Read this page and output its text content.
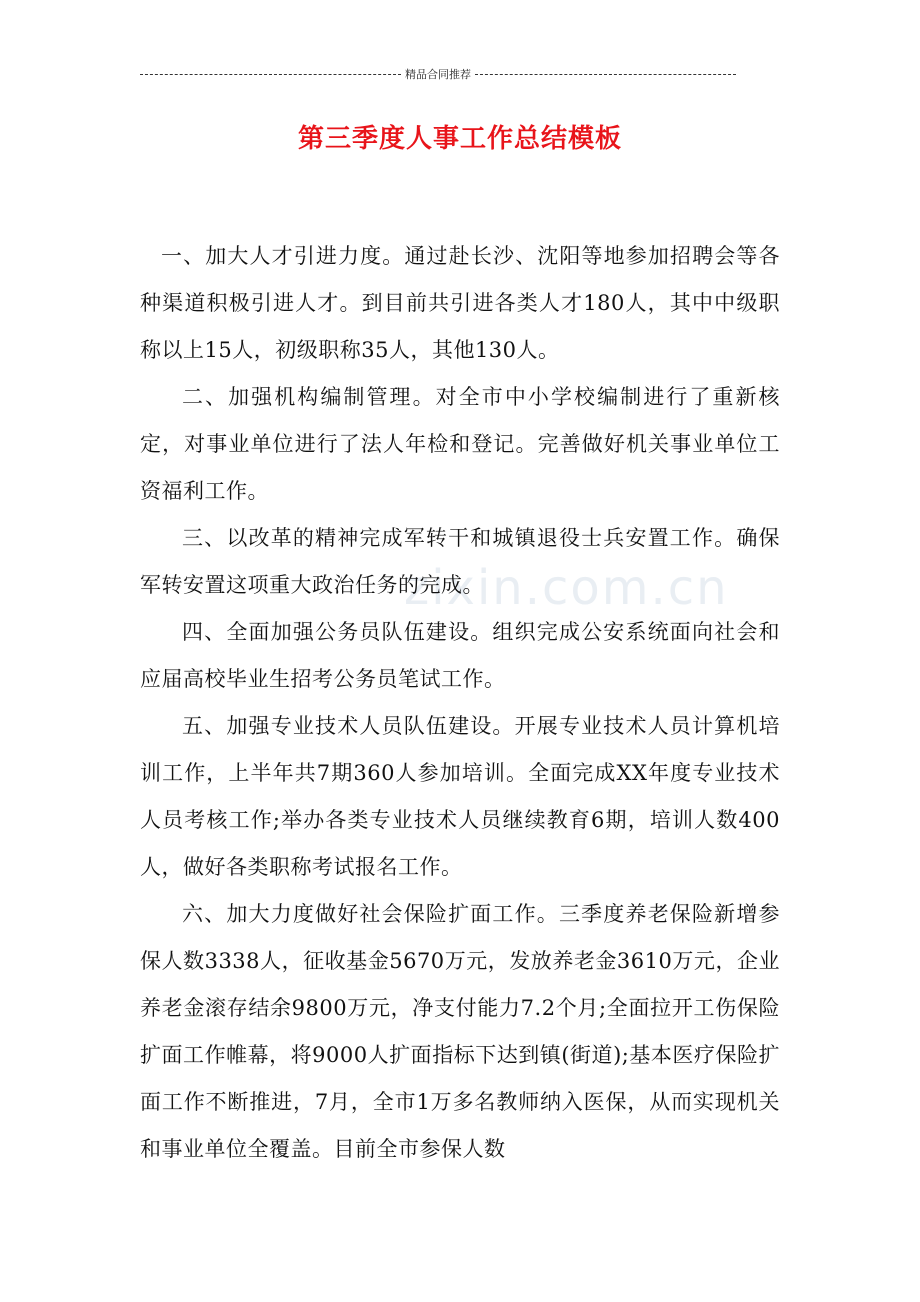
精品合同推荐
第三季度人事工作总结模板
zixin.com.cn

一、加大人才引进力度。通过赴长沙、沈阳等地参加招聘会等各种渠道积极引进人才。到目前共引进各类人才180人，其中中级职称以上15人，初级职称35人，其他130人。

二、加强机构编制管理。对全市中小学校编制进行了重新核定，对事业单位进行了法人年检和登记。完善做好机关事业单位工资福利工作。

三、以改革的精神完成军转干和城镇退役士兵安置工作。确保军转安置这项重大政治任务的完成。

四、全面加强公务员队伍建设。组织完成公安系统面向社会和应届高校毕业生招考公务员笔试工作。

五、加强专业技术人员队伍建设。开展专业技术人员计算机培训工作，上半年共7期360人参加培训。全面完成XX年度专业技术人员考核工作;举办各类专业技术人员继续教育6期，培训人数400人，做好各类职称考试报名工作。

六、加大力度做好社会保险扩面工作。三季度养老保险新增参保人数3338人，征收基金5670万元，发放养老金3610万元，企业养老金滚存结余9800万元，净支付能力7.2个月;全面拉开工伤保险扩面工作帷幕，将9000人扩面指标下达到镇(街道);基本医疗保险扩面工作不断推进，7月，全市1万多名教师纳入医保，从而实现机关和事业单位全覆盖。目前全市参保人数
